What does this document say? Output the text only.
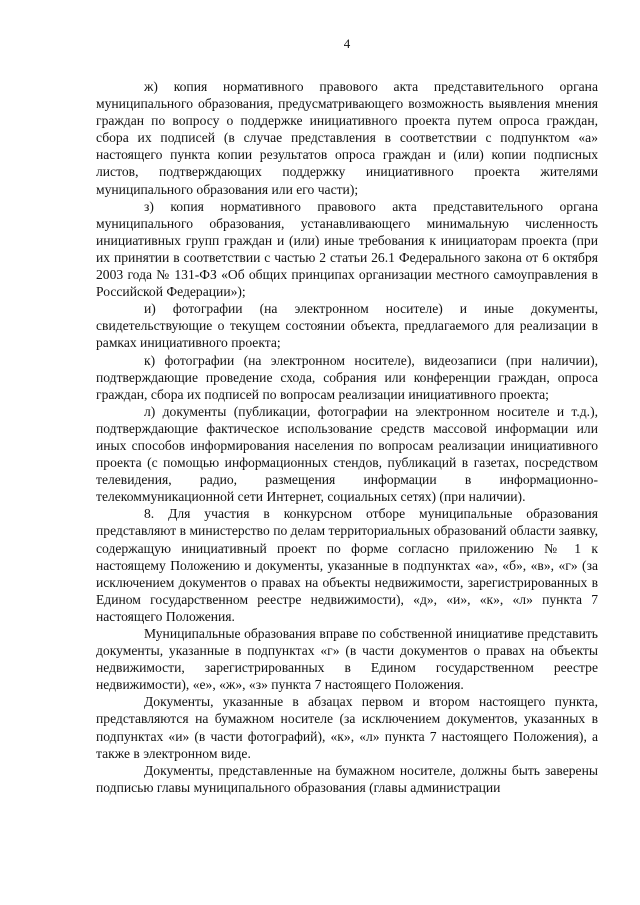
4

ж) копия нормативного правового акта представительного органа муниципального образования, предусматривающего возможность выявления мнения граждан по вопросу о поддержке инициативного проекта путем опроса граждан, сбора их подписей (в случае представления в соответствии с подпунктом «а» настоящего пункта копии результатов опроса граждан и (или) копии подписных листов, подтверждающих поддержку инициативного проекта жителями муниципального образования или его части);

з) копия нормативного правового акта представительного органа муниципального образования, устанавливающего минимальную численность инициативных групп граждан и (или) иные требования к инициаторам проекта (при их принятии в соответствии с частью 2 статьи 26.1 Федерального закона от 6 октября 2003 года № 131-ФЗ «Об общих принципах организации местного самоуправления в Российской Федерации»);

и) фотографии (на электронном носителе) и иные документы, свидетельствующие о текущем состоянии объекта, предлагаемого для реализации в рамках инициативного проекта;

к) фотографии (на электронном носителе), видеозаписи (при наличии), подтверждающие проведение схода, собрания или конференции граждан, опроса граждан, сбора их подписей по вопросам реализации инициативного проекта;

л) документы (публикации, фотографии на электронном носителе и т.д.), подтверждающие фактическое использование средств массовой информации или иных способов информирования населения по вопросам реализации инициативного проекта (с помощью информационных стендов, публикаций в газетах, посредством телевидения, радио, размещения информации в информационно-телекоммуникационной сети Интернет, социальных сетях) (при наличии).

8. Для участия в конкурсном отборе муниципальные образования представляют в министерство по делам территориальных образований области заявку, содержащую инициативный проект по форме согласно приложению № 1 к настоящему Положению и документы, указанные в подпунктах «а», «б», «в», «г» (за исключением документов о правах на объекты недвижимости, зарегистрированных в Едином государственном реестре недвижимости), «д», «и», «к», «л» пункта 7 настоящего Положения.

Муниципальные образования вправе по собственной инициативе представить документы, указанные в подпунктах «г» (в части документов о правах на объекты недвижимости, зарегистрированных в Едином государственном реестре недвижимости), «е», «ж», «з» пункта 7 настоящего Положения.

Документы, указанные в абзацах первом и втором настоящего пункта, представляются на бумажном носителе (за исключением документов, указанных в подпунктах «и» (в части фотографий), «к», «л» пункта 7 настоящего Положения), а также в электронном виде.

Документы, представленные на бумажном носителе, должны быть заверены подписью главы муниципального образования (главы администрации
